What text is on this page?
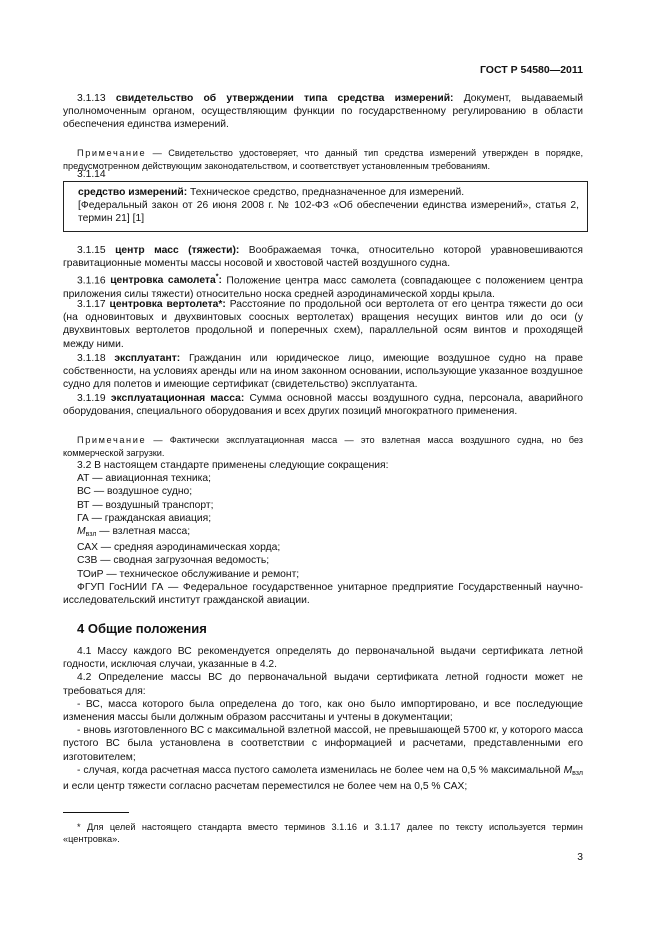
ГОСТ Р 54580—2011

3.1.13 свидетельство об утверждении типа средства измерений: Документ, выдаваемый уполномоченным органом, осуществляющим функции по государственному регулированию в области обеспечения единства измерений.

Примечание — Свидетельство удостоверяет, что данный тип средства измерений утвержден в порядке, предусмотренном действующим законодательством, и соответствует установленным требованиям.

3.1.14

средство измерений: Техническое средство, предназначенное для измерений.

[Федеральный закон от 26 июня 2008 г. № 102-ФЗ «Об обеспечении единства измерений», статья 2, термин 21] [1]

3.1.15 центр масс (тяжести): Воображаемая точка, относительно которой уравновешиваются гравитационные моменты массы носовой и хвостовой частей воздушного судна.

3.1.16 центровка самолета*: Положение центра масс самолета (совпадающее с положением центра приложения силы тяжести) относительно носка средней аэродинамической хорды крыла.

3.1.17 центровка вертолета*: Расстояние по продольной оси вертолета от его центра тяжести до оси (на одновинтовых и двухвинтовых соосных вертолетах) вращения несущих винтов или до оси (у двухвинтовых вертолетов продольной и поперечных схем), параллельной осям винтов и проходящей между ними.

3.1.18 эксплуатант: Гражданин или юридическое лицо, имеющие воздушное судно на праве собственности, на условиях аренды или на ином законном основании, использующие указанное воздушное судно для полетов и имеющие сертификат (свидетельство) эксплуатанта.

3.1.19 эксплуатационная масса: Сумма основной массы воздушного судна, персонала, аварийного оборудования, специального оборудования и всех других позиций многократного применения.

Примечание — Фактически эксплуатационная масса — это взлетная масса воздушного судна, но без коммерческой загрузки.

3.2 В настоящем стандарте применены следующие сокращения:

АТ — авиационная техника;

ВС — воздушное судно;

ВТ — воздушный транспорт;

ГА — гражданская авиация;

$M_{взл}$ — взлетная масса;

САХ — средняя аэродинамическая хорда;

СЗВ — сводная загрузочная ведомость;

ТОиР — техническое обслуживание и ремонт;

ФГУП ГосНИИ ГА — Федеральное государственное унитарное предприятие Государственный научно-исследовательский институт гражданской авиации.

4 Общие положения

4.1 Массу каждого ВС рекомендуется определять до первоначальной выдачи сертификата летной годности, исключая случаи, указанные в 4.2.

4.2 Определение массы ВС до первоначальной выдачи сертификата летной годности может не требоваться для:

- ВС, масса которого была определена до того, как оно было импортировано, и все последующие изменения массы были должным образом рассчитаны и учтены в документации;

- вновь изготовленного ВС с максимальной взлетной массой, не превышающей 5700 кг, у которого масса пустого ВС была установлена в соответствии с информацией и расчетами, представленными его изготовителем;

- случая, когда расчетная масса пустого самолета изменилась не более чем на 0,5 % максимальной $M_{взл}$ и если центр тяжести согласно расчетам переместился не более чем на 0,5 % САХ;

* Для целей настоящего стандарта вместо терминов 3.1.16 и 3.1.17 далее по тексту используется термин «центровка».
3
